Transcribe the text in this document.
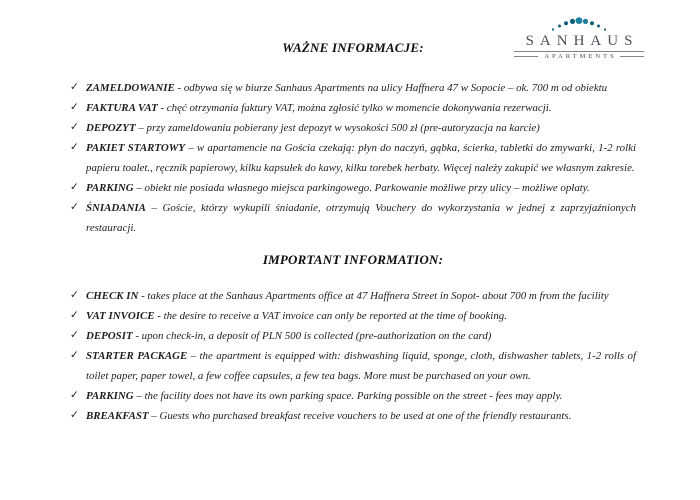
SANHAUS
APARTMENTS
WAŻNE INFORMACJE:
✓ ZAMELDOWANIE - odbywa się w biurze Sanhaus Apartments na ulicy Haffnera 47 w Sopocie – ok. 700 m od obiektu
✓ FAKTURA VAT - chęć otrzymania faktury VAT, można zgłosić tylko w momencie dokonywania rezerwacji.
✓ DEPOZYT – przy zameldowaniu pobierany jest depozyt w wysokości 500 zł (pre-autoryzacja na karcie)
✓ PAKIET STARTOWY – w apartamencie na Gościa czekają: płyn do naczyń, gąbka, ścierka, tabletki do zmywarki, 1-2 rolki papieru toalet., ręcznik papierowy, kilku kapsułek do kawy, kilku torebek herbaty. Więcej należy zakupić we własnym zakresie.
✓ PARKING – obiekt nie posiada własnego miejsca parkingowego. Parkowanie możliwe przy ulicy – możliwe opłaty.
✓ ŚNIADANIA – Goście, którzy wykupili śniadanie, otrzymują Vouchery do wykorzystania w jednej z zaprzyjaźnionych restauracji.
IMPORTANT INFORMATION:
✓ CHECK IN - takes place at the Sanhaus Apartments office at 47 Haffnera Street in Sopot- about 700 m from the facility
✓ VAT INVOICE - the desire to receive a VAT invoice can only be reported at the time of booking.
✓ DEPOSIT - upon check-in, a deposit of PLN 500 is collected (pre-authorization on the card)
✓ STARTER PACKAGE – the apartment is equipped with: dishwashing liquid, sponge, cloth, dishwasher tablets, 1-2 rolls of toilet paper, paper towel, a few coffee capsules, a few tea bags. More must be purchased on your own.
✓ PARKING – the facility does not have its own parking space. Parking possible on the street - fees may apply.
✓ BREAKFAST – Guests who purchased breakfast receive vouchers to be used at one of the friendly restaurants.
